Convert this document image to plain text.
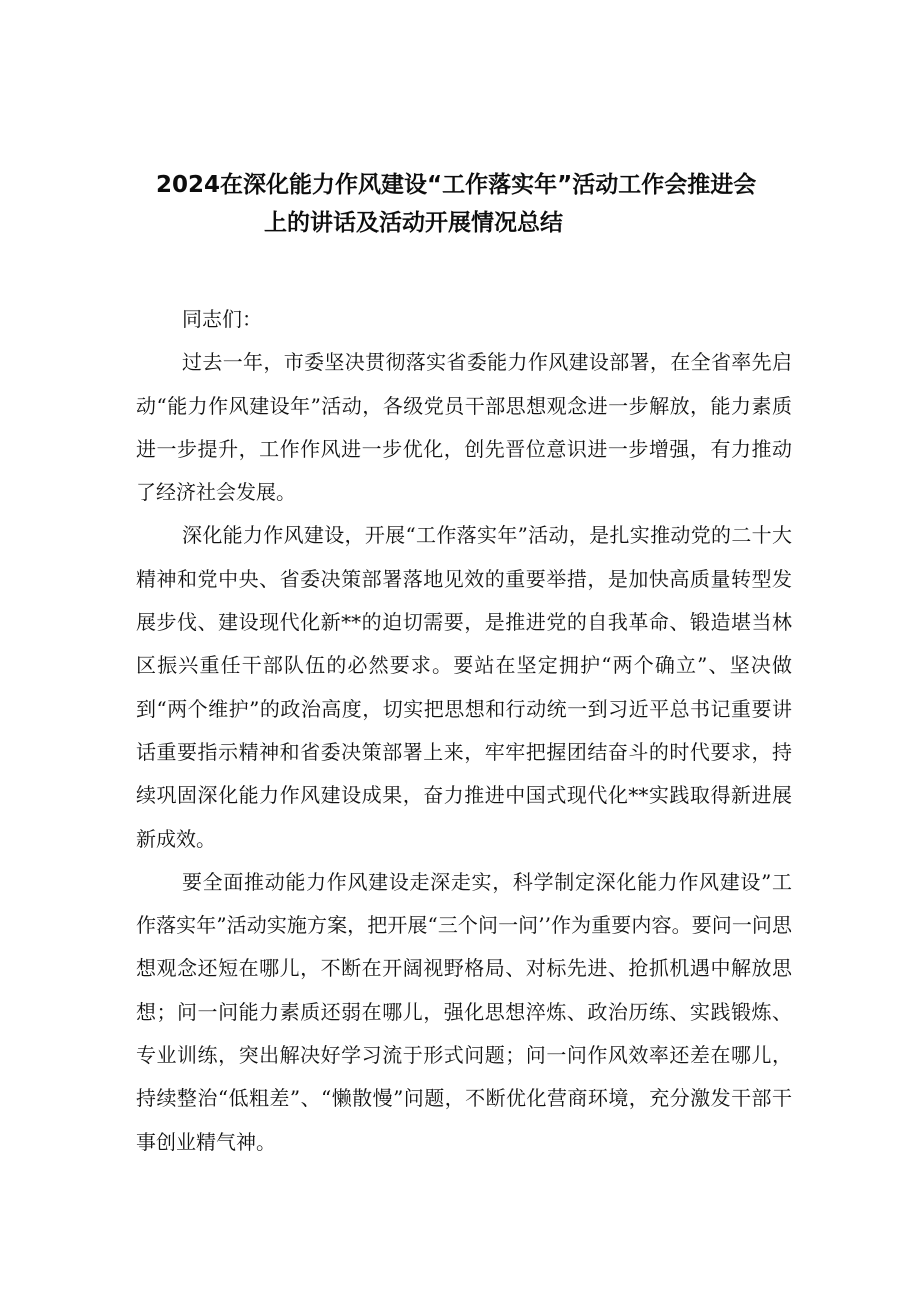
2024在深化能力作风建设“工作落实年”活动工作会推进会
上的讲话及活动开展情况总结

同志们：

过去一年，市委坚决贯彻落实省委能力作风建设部署，在全省率先启动“能力作风建设年”活动，各级党员干部思想观念进一步解放，能力素质进一步提升，工作作风进一步优化，创先晋位意识进一步增强，有力推动了经济社会发展。

深化能力作风建设，开展“工作落实年”活动，是扎实推动党的二十大精神和党中央、省委决策部署落地见效的重要举措，是加快高质量转型发展步伐、建设现代化新**的迫切需要，是推进党的自我革命、锻造堪当林区振兴重任干部队伍的必然要求。要站在坚定拥护“两个确立”、坚决做到“两个维护”的政治高度，切实把思想和行动统一到习近平总书记重要讲话重要指示精神和省委决策部署上来，牢牢把握团结奋斗的时代要求，持续巩固深化能力作风建设成果，奋力推进中国式现代化**实践取得新进展新成效。

要全面推动能力作风建设走深走实，科学制定深化能力作风建设”工作落实年”活动实施方案，把开展“三个问一问’’作为重要内容。要问一问思想观念还短在哪儿，不断在开阔视野格局、对标先进、抢抓机遇中解放思想；问一问能力素质还弱在哪儿，强化思想淬炼、政治历练、实践锻炼、专业训练，突出解决好学习流于形式问题；问一问作风效率还差在哪儿，持续整治“低粗差”、“懒散慢”问题，不断优化营商环境，充分激发干部干事创业精气神。
